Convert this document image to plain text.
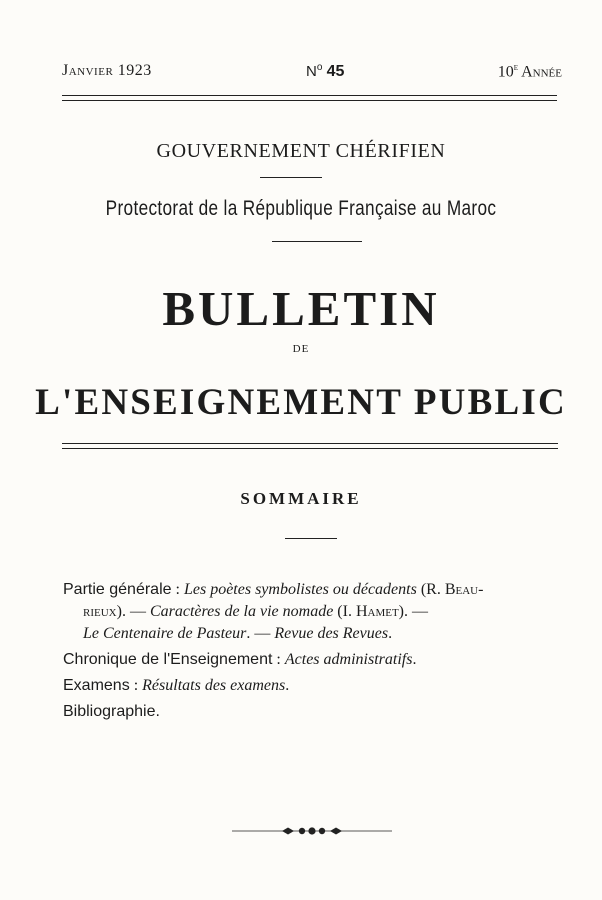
Janvier 1923	$N^o$ 45	10e Année
GOUVERNEMENT CHÉRIFIEN
Protectorat de la République Française au Maroc
BULLETIN
DE
L'ENSEIGNEMENT PUBLIC
SOMMAIRE
Partie générale : Les poètes symbolistes ou décadents (R. Beau-
rieux). — Caractères de la vie nomade (I. Hamet). —
Le Centenaire de Pasteur. — Revue des Revues.
Chronique de l'Enseignement : Actes administratifs.
Examens : Résultats des examens.
Bibliographie.
